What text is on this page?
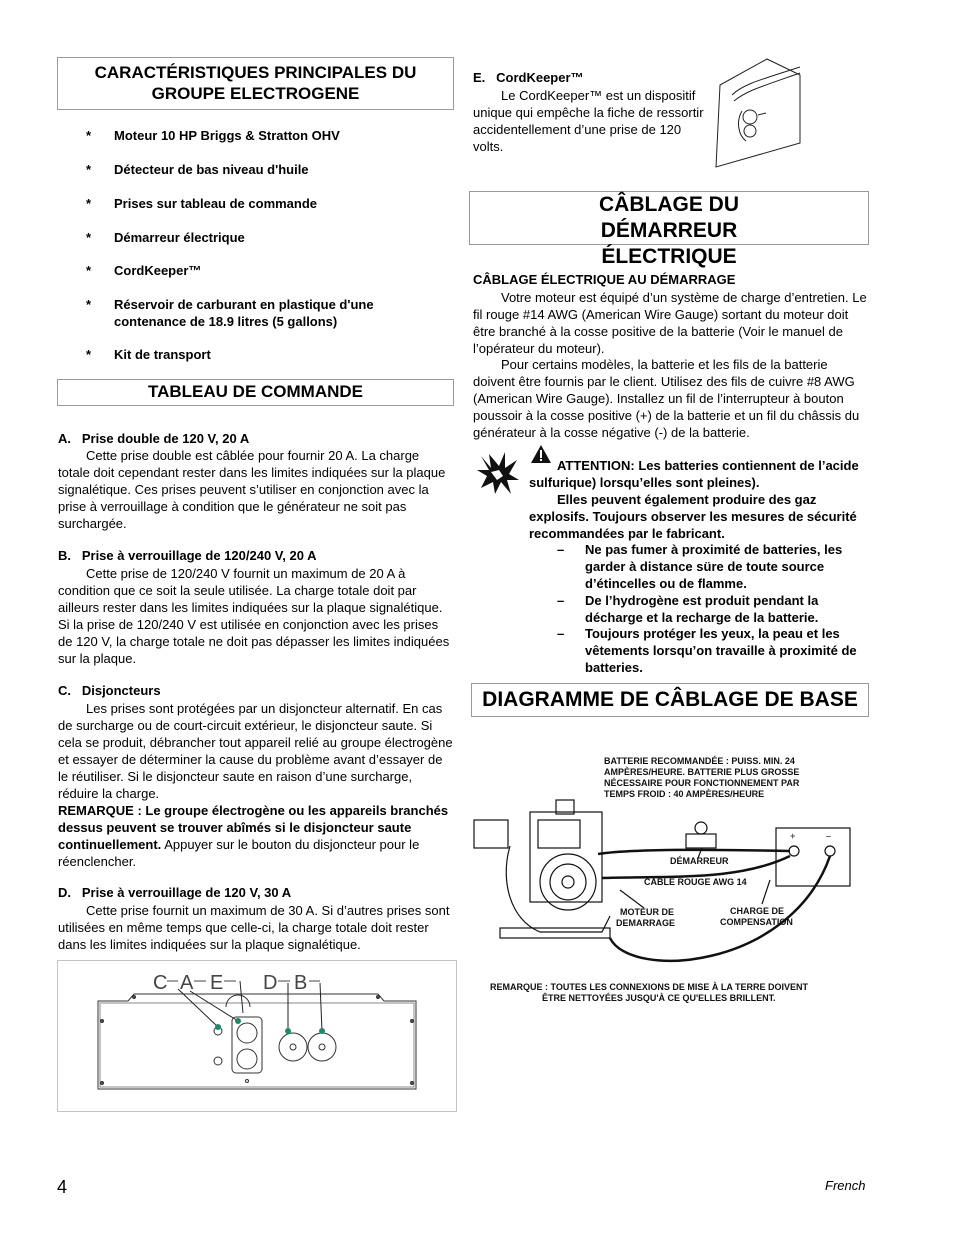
CARACTÉRISTIQUES PRINCIPALES DU GROUPE ELECTROGENE
* Moteur 10 HP Briggs & Stratton OHV
* Détecteur de bas niveau d'huile
* Prises sur tableau de commande
* Démarreur électrique
* CordKeeper™
* Réservoir de carburant en plastique d'une contenance de 18.9 litres (5 gallons)
* Kit de transport
TABLEAU DE COMMANDE
A.   Prise double de 120 V, 20 A
Cette prise double est câblée pour fournir 20 A. La charge totale doit cependant rester dans les limites indiquées sur la plaque signalétique. Ces prises peuvent s’utiliser en conjonction avec la prise à verrouillage à condition que le générateur ne soit pas surchargée.
B.   Prise à verrouillage de 120/240 V, 20 A
Cette prise de 120/240 V fournit un maximum de 20 A à condition que ce soit la seule utilisée. La charge totale doit par ailleurs rester dans les limites indiquées sur la plaque signalétique. Si la prise de 120/240 V est utilisée en conjonction avec les prises de 120 V, la charge totale ne doit pas dépasser les limites indiquées sur la plaque.
C.   Disjoncteurs
Les prises sont protégées par un disjoncteur alternatif. En cas de surcharge ou de court-circuit extérieur, le disjoncteur saute. Si cela se produit, débrancher tout appareil relié au groupe électrogène et essayer de déterminer la cause du problème avant d’essayer de le réutiliser. Si le disjoncteur saute en raison d’une surcharge, réduire la charge.
REMARQUE : Le groupe électrogène ou les appareils branchés dessus peuvent se trouver abîmés si le disjoncteur saute continuellement. Appuyer sur le bouton du disjoncteur pour le réenclencher.
D.   Prise à verrouillage de 120 V, 30 A
Cette prise fournit un maximum de 30 A. Si d’autres prises sont utilisées en même temps que celle-ci, la charge totale doit rester dans les limites indiquées sur la plaque signalétique.
C A E D B
E.   CordKeeper™
Le CordKeeper™ est un dispositif unique qui empêche la fiche de ressortir accidentellement d’une prise de 120 volts.
CÂBLAGE DU DÉMARREUR ÉLECTRIQUE
CÂBLAGE ÉLECTRIQUE AU DÉMARRAGE
Votre moteur est équipé d’un système de charge d’entretien. Le fil rouge #14 AWG (American Wire Gauge) sortant du moteur doit être branché à la cosse positive de la batterie (Voir le manuel de l’opérateur du moteur).
Pour certains modèles, la batterie et les fils de la batterie doivent être fournis par le client. Utilisez des fils de cuivre #8 AWG (American Wire Gauge). Installez un fil de l’interrupteur à bouton poussoir à la cosse positive (+) de la batterie et un fil du châssis du générateur à la cosse négative (-) de la batterie.
ATTENTION: Les batteries contiennent de l’acide sulfurique) lorsqu’elles sont pleines).
Elles peuvent également produire des gaz explosifs. Toujours observer les mesures de sécurité recommandées par le fabricant.
– Ne pas fumer à proximité de batteries, les garder à distance süre de toute source d’étincelles ou de flamme.
– De l’hydrogène est produit pendant la décharge et la recharge de la batterie.
– Toujours protéger les yeux, la peau et les vêtements lorsqu’on travaille à proximité de batteries.
DIAGRAMME DE CÂBLAGE DE BASE
BATTERIE RECOMMANDÉE : PUISS. MIN. 24
AMPÈRES/HEURE. BATTERIE PLUS GROSSE
NÉCESSAIRE POUR FONCTIONNEMENT PAR
TEMPS FROID : 40 AMPÈRES/HEURE
DÉMARREUR
CÂBLE ROUGE AWG 14
MOTEUR DE
DEMARRAGE
CHARGE DE
COMPENSATION
REMARQUE : TOUTES LES CONNEXIONS DE MISE À LA TERRE DOIVENT
ÊTRE NETTOYÉES JUSQU'À CE QU'ELLES BRILLENT.
+	–
4	French
